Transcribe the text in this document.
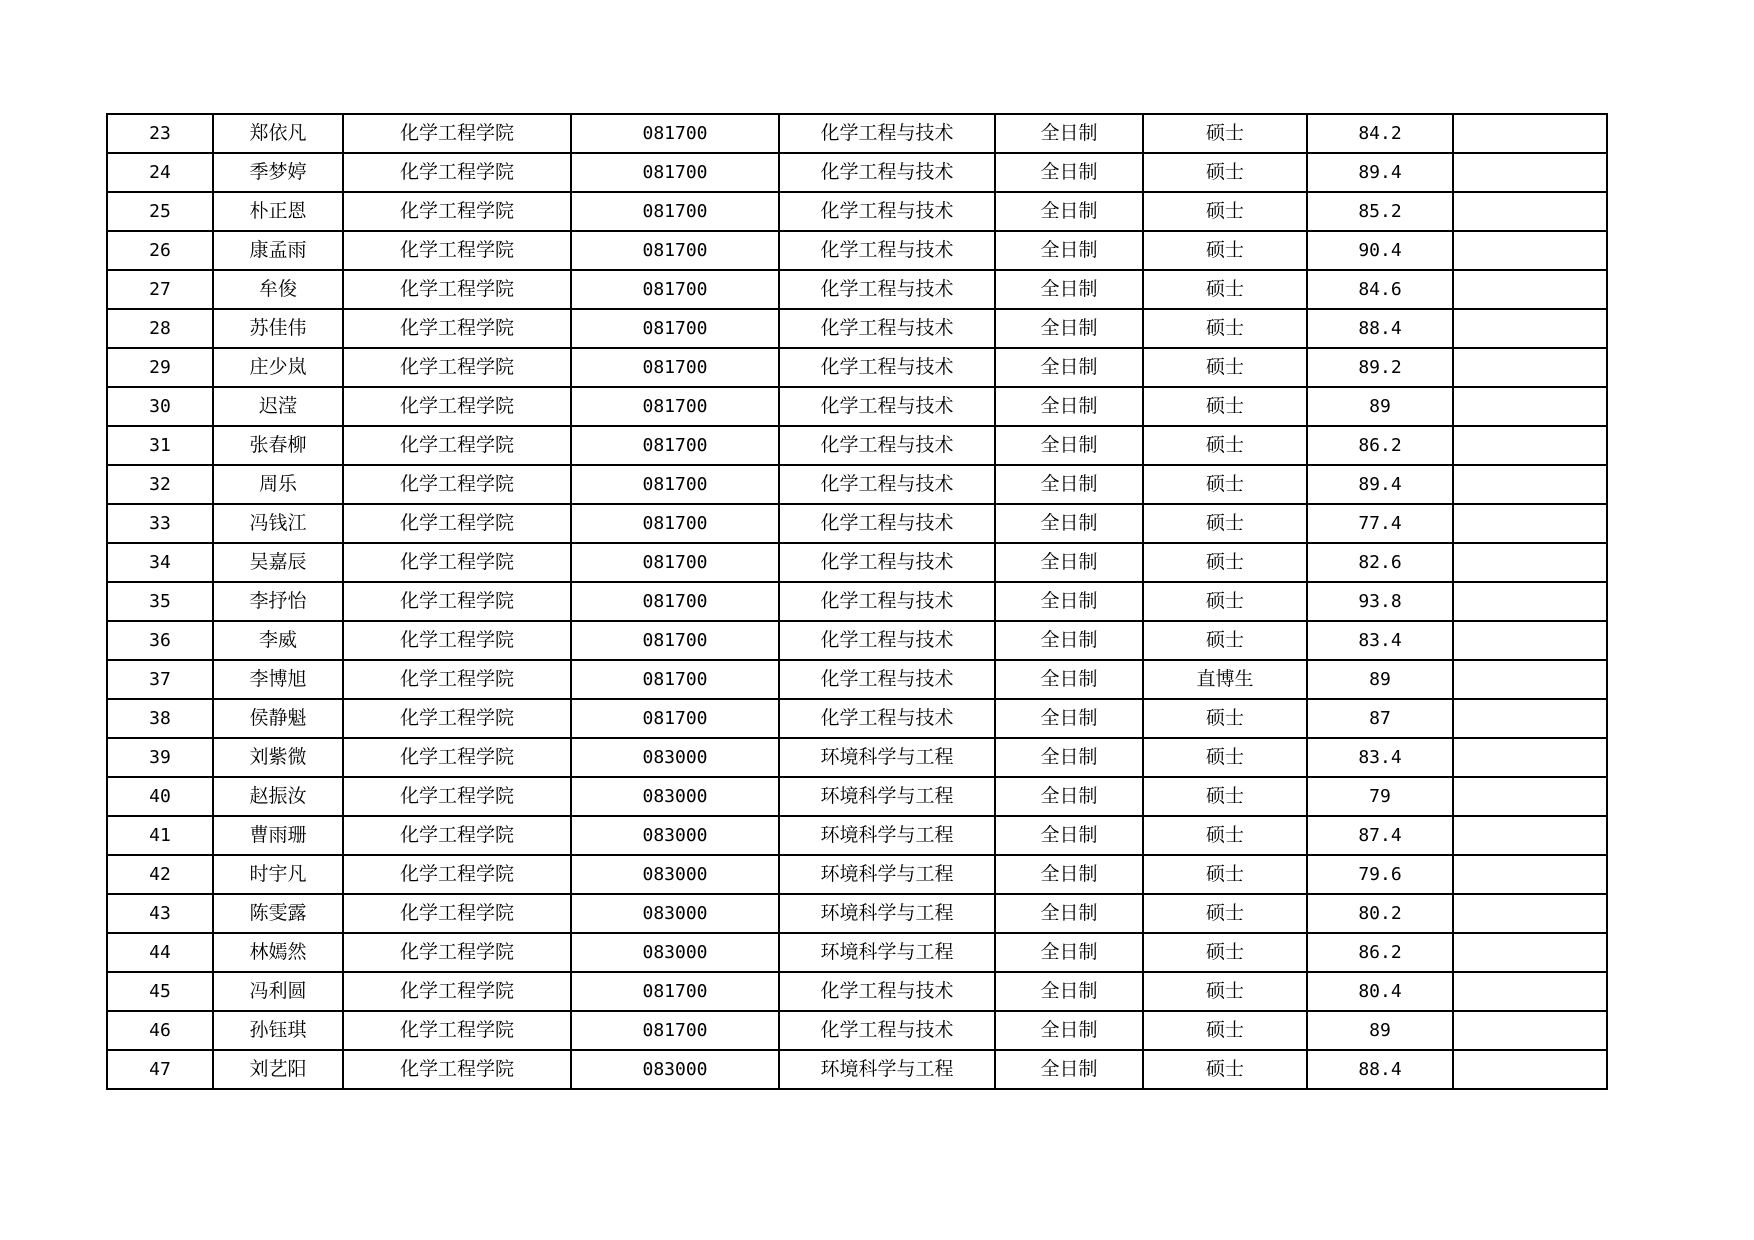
23	郑依凡	化学工程学院	081700	化学工程与技术	全日制	硕士	84.2	
24	季梦婷	化学工程学院	081700	化学工程与技术	全日制	硕士	89.4	
25	朴正恩	化学工程学院	081700	化学工程与技术	全日制	硕士	85.2	
26	康孟雨	化学工程学院	081700	化学工程与技术	全日制	硕士	90.4	
27	牟俊	化学工程学院	081700	化学工程与技术	全日制	硕士	84.6	
28	苏佳伟	化学工程学院	081700	化学工程与技术	全日制	硕士	88.4	
29	庄少岚	化学工程学院	081700	化学工程与技术	全日制	硕士	89.2	
30	迟滢	化学工程学院	081700	化学工程与技术	全日制	硕士	89	
31	张春柳	化学工程学院	081700	化学工程与技术	全日制	硕士	86.2	
32	周乐	化学工程学院	081700	化学工程与技术	全日制	硕士	89.4	
33	冯钱江	化学工程学院	081700	化学工程与技术	全日制	硕士	77.4	
34	吴嘉辰	化学工程学院	081700	化学工程与技术	全日制	硕士	82.6	
35	李抒怡	化学工程学院	081700	化学工程与技术	全日制	硕士	93.8	
36	李威	化学工程学院	081700	化学工程与技术	全日制	硕士	83.4	
37	李博旭	化学工程学院	081700	化学工程与技术	全日制	直博生	89	
38	侯静魁	化学工程学院	081700	化学工程与技术	全日制	硕士	87	
39	刘紫微	化学工程学院	083000	环境科学与工程	全日制	硕士	83.4	
40	赵振汝	化学工程学院	083000	环境科学与工程	全日制	硕士	79	
41	曹雨珊	化学工程学院	083000	环境科学与工程	全日制	硕士	87.4	
42	时宇凡	化学工程学院	083000	环境科学与工程	全日制	硕士	79.6	
43	陈雯露	化学工程学院	083000	环境科学与工程	全日制	硕士	80.2	
44	林嫣然	化学工程学院	083000	环境科学与工程	全日制	硕士	86.2	
45	冯利圆	化学工程学院	081700	化学工程与技术	全日制	硕士	80.4	
46	孙钰琪	化学工程学院	081700	化学工程与技术	全日制	硕士	89	
47	刘艺阳	化学工程学院	083000	环境科学与工程	全日制	硕士	88.4	
